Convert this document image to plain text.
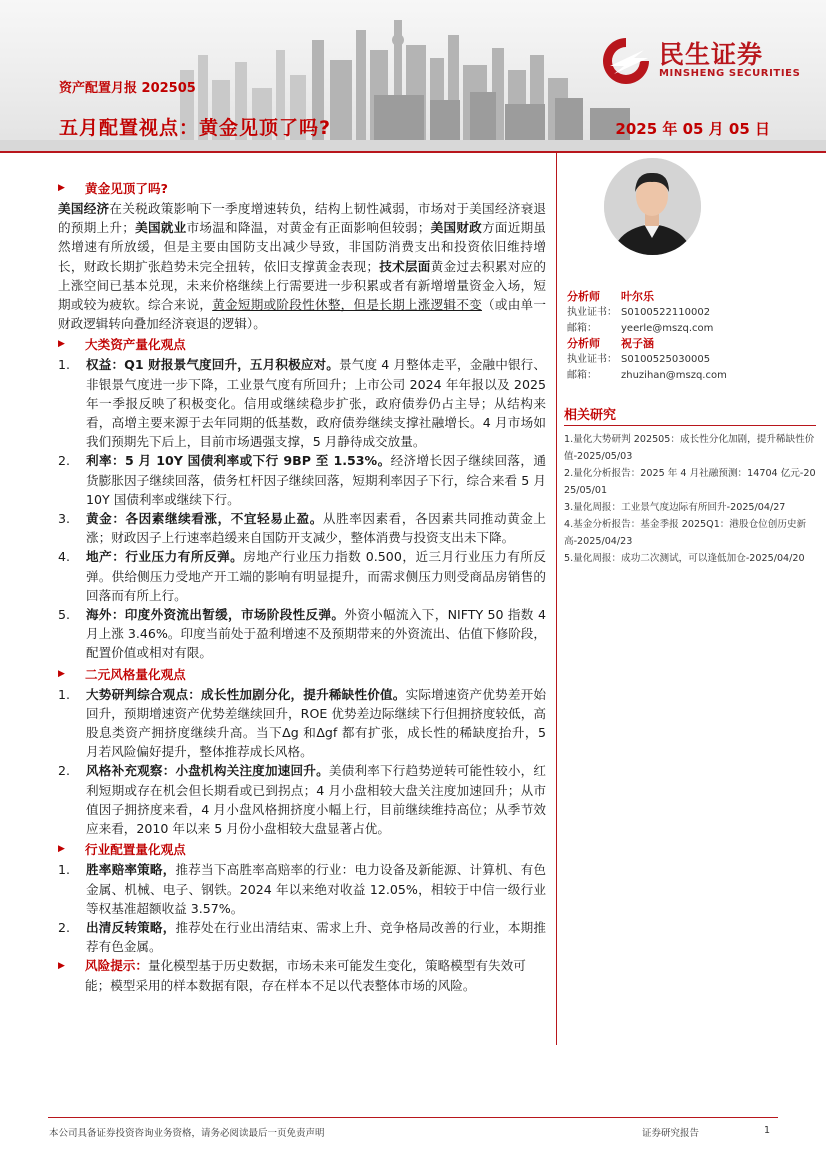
资产配置月报 202505
五月配置视点：黄金见顶了吗?	2025 年 05 月 05 日
民生证券
MINSHENG SECURITIES
▶ 黄金见顶了吗?

美国经济在关税政策影响下一季度增速转负，结构上韧性减弱，市场对于美国经济衰退的预期上升；美国就业市场温和降温，对黄金有正面影响但较弱；美国财政方面近期虽然增速有所放缓，但是主要由国防支出减少导致，非国防消费支出和投资依旧维持增长，财政长期扩张趋势未完全扭转，依旧支撑黄金表现；技术层面黄金过去积累对应的上涨空间已基本兑现，未来价格继续上行需要进一步积累或者有新增增量资金入场，短期或较为疲软。综合来说，黄金短期或阶段性休整，但是长期上涨逻辑不变（或由单一财政逻辑转向叠加经济衰退的逻辑）。

▶ 大类资产量化观点
1.	权益：Q1 财报景气度回升，五月积极应对。景气度 4 月整体走平，金融中银行、非银景气度进一步下降，工业景气度有所回升；上市公司 2024 年年报以及 2025 年一季报反映了积极变化。信用或继续稳步扩张，政府债券仍占主导；从结构来看，高增主要来源于去年同期的低基数，政府债券继续支撑社融增长。4 月市场如我们预期先下后上，目前市场遇强支撑，5 月静待成交放量。
2.	利率：5 月 10Y 国债利率或下行 9BP 至 1.53%。经济增长因子继续回落，通货膨胀因子继续回落，债务杠杆因子继续回落，短期利率因子下行，综合来看 5 月 10Y 国债利率或继续下行。
3.	黄金：各因素继续看涨，不宜轻易止盈。从胜率因素看，各因素共同推动黄金上涨；财政因子上行速率趋缓来自国防开支减少，整体消费与投资支出未下降。
4.	地产：行业压力有所反弹。房地产行业压力指数 0.500，近三月行业压力有所反弹。供给侧压力受地产开工端的影响有明显提升，而需求侧压力则受商品房销售的回落而有所上行。
5.	海外：印度外资流出暂缓，市场阶段性反弹。外资小幅流入下，NIFTY 50 指数 4 月上涨 3.46%。印度当前处于盈利增速不及预期带来的外资流出、估值下修阶段，配置价值或相对有限。
▶ 二元风格量化观点
1.	大势研判综合观点：成长性加剧分化，提升稀缺性价值。实际增速资产优势差开始回升，预期增速资产优势差继续回升，ROE 优势差边际继续下行但拥挤度较低，高股息类资产拥挤度继续升高。当下Δg 和Δgf 都有扩张，成长性的稀缺度抬升，5 月若风险偏好提升，整体推荐成长风格。
2.	风格补充观察：小盘机构关注度加速回升。美债利率下行趋势逆转可能性较小，红利短期或存在机会但长期看或已到拐点；4 月小盘相较大盘关注度加速回升；从市值因子拥挤度来看，4 月小盘风格拥挤度小幅上行，目前继续维持高位；从季节效应来看，2010 年以来 5 月份小盘相较大盘显著占优。
▶ 行业配置量化观点
1.	胜率赔率策略，推荐当下高胜率高赔率的行业：电力设备及新能源、计算机、有色金属、机械、电子、钢铁。2024 年以来绝对收益 12.05%，相较于中信一级行业等权基准超额收益 3.57%。
2.	出清反转策略，推荐处在行业出清结束、需求上升、竞争格局改善的行业，本期推荐有色金属。
▶ 风险提示：量化模型基于历史数据，市场未来可能发生变化，策略模型有失效可能；模型采用的样本数据有限，存在样本不足以代表整体市场的风险。
分析师	叶尔乐
执业证书： S0100522110002
邮箱：	yeerle@mszq.com
分析师	祝子涵
执业证书： S0100525030005
邮箱：	zhuzihan@mszq.com
相关研究
1.量化大势研判 202505：成长性分化加剧，提升稀缺性价值-2025/05/03
2.量化分析报告：2025 年 4 月社融预测：14704 亿元-2025/05/01
3.量化周报：工业景气度边际有所回升-2025/04/27
4.基金分析报告：基金季报 2025Q1：港股仓位创历史新高-2025/04/23
5.量化周报：成功二次测试，可以逢低加仓-2025/04/20
本公司具备证券投资咨询业务资格，请务必阅读最后一页免责声明	证券研究报告	1
